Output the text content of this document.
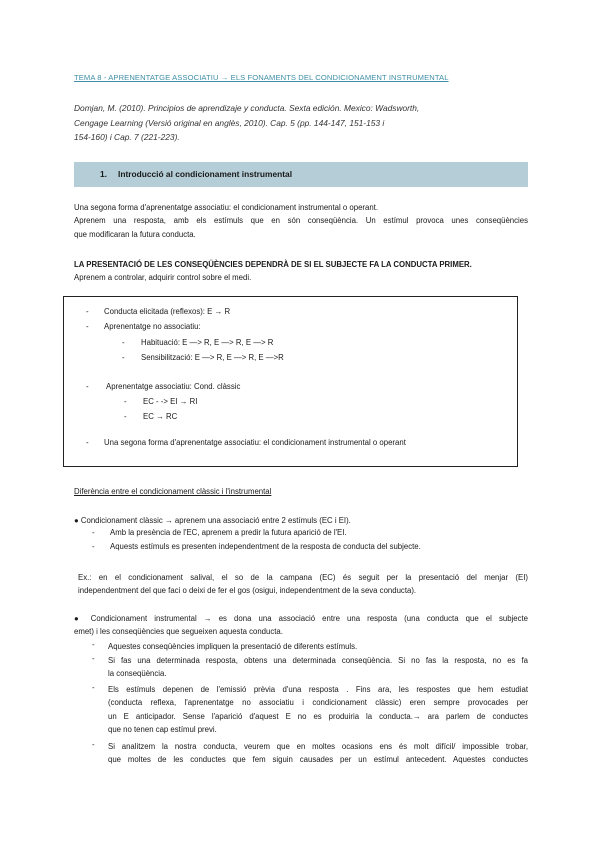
TEMA 8 - APRENENTATGE ASSOCIATIU → ELS FONAMENTS DEL CONDICIONAMENT INSTRUMENTAL
Domjan, M. (2010). Principios de aprendizaje y conducta. Sexta edición. Mexico: Wadsworth,
Cengage Learning (Versió original en anglès, 2010). Cap. 5 (pp. 144-147, 151-153 i
154-160) i Cap. 7 (221-223).
1. Introducció al condicionament instrumental
Una segona forma d'aprenentatge associatiu: el condicionament instrumental o operant.
Aprenem una resposta, amb els estímuls que en són conseqüència. Un estímul provoca unes conseqüències
que modificaran la futura conducta.
LA PRESENTACIÓ DE LES CONSEQÜÈNCIES DEPENDRÀ DE SI EL SUBJECTE FA LA CONDUCTA PRIMER.
Aprenem a controlar, adquirir control sobre el medi.
- Conducta elicitada (reflexos): E → R
- Aprenentatge no associatiu:
- Habituació: E —> R, E —> R, E —> R
- Sensibilització: E —> R, E —> R, E —>R
- Aprenentatge associatiu: Cond. clàssic
- EC - -> EI → RI
- EC → RC
- Una segona forma d'aprenentatge associatiu: el condicionament instrumental o operant
Diferència entre el condicionament clàssic i l'instrumental
● Condicionament clàssic → aprenem una associació entre 2 estímuls (EC i EI).
- Amb la presència de l'EC, aprenem a predir la futura aparició de l'EI.
- Aquests estímuls es presenten independentment de la resposta de conducta del subjecte.
Ex.: en el condicionament salival, el so de la campana (EC) és seguit per la presentació del menjar (EI)
independentment del que faci o deixi de fer el gos (osigui, independentment de la seva conducta).
● Condicionament instrumental → es dona una associació entre una resposta (una conducta que el subjecte
emet) i les conseqüències que segueixen aquesta conducta.
- Aquestes conseqüències impliquen la presentació de diferents estímuls.
- Si fas una determinada resposta, obtens una determinada conseqüència. Si no fas la resposta, no es fa
la conseqüència.
- Els estímuls depenen de l'emissió prèvia d'una resposta . Fins ara, les respostes que hem estudiat
(conducta reflexa, l'aprenentatge no associatiu i condicionament clàssic) eren sempre provocades per
un E anticipador. Sense l'aparició d'aquest E no es produiria la conducta.→ ara parlem de conductes
que no tenen cap estímul previ.
- Si analitzem la nostra conducta, veurem que en moltes ocasions ens és molt difícil/ impossible trobar,
que moltes de les conductes que fem siguin causades per un estímul antecedent. Aquestes conductes
